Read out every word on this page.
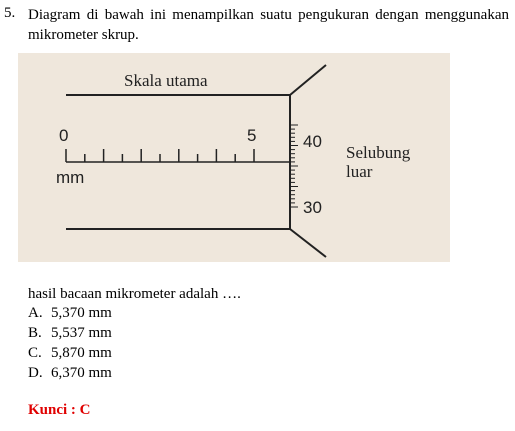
5. Diagram di bawah ini menampilkan suatu pengukuran dengan menggunakan mikrometer skrup.
Skala utama
0	5
mm
40
30
Selubung
luar
hasil bacaan mikrometer adalah ….
A. 5,370 mm
B. 5,537 mm
C. 5,870 mm
D. 6,370 mm
Kunci : C
